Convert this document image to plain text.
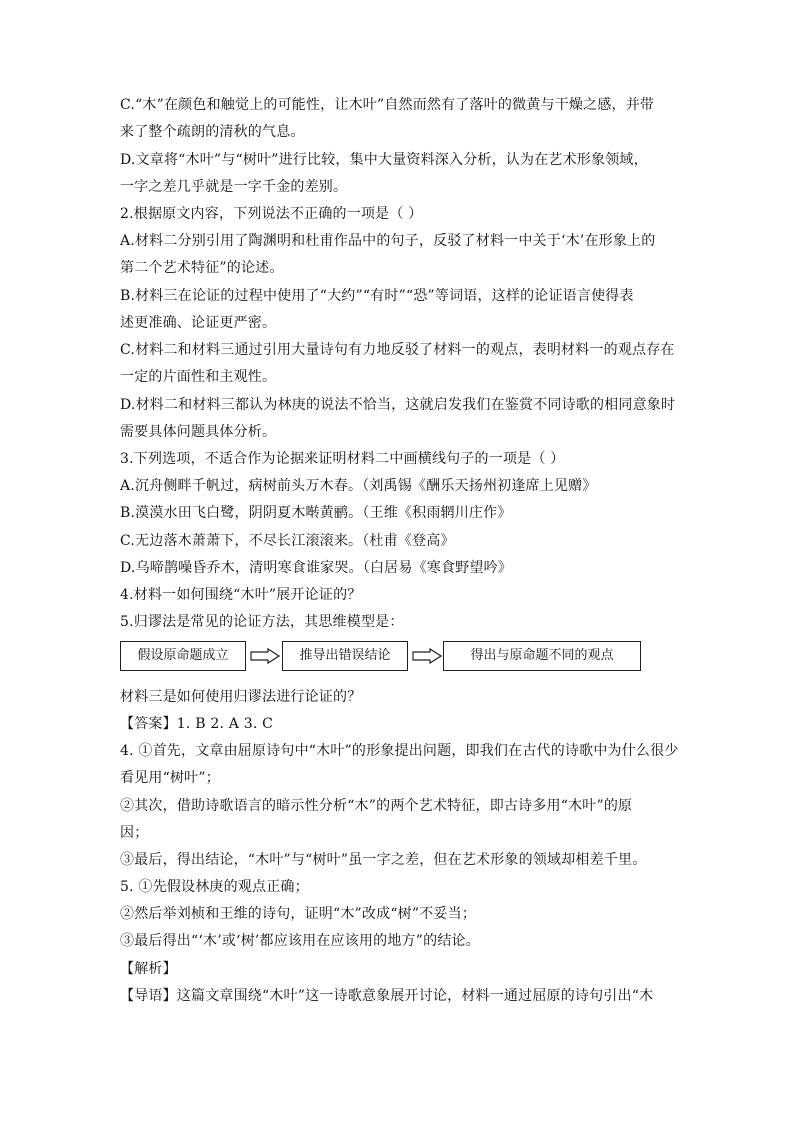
C.“木”在颜色和触觉上的可能性，让木叶”自然而然有了落叶的微黄与干燥之感，并带
来了整个疏朗的清秋的气息。
D.文章将“木叶”与“树叶”进行比较，集中大量资料深入分析，认为在艺术形象领域，
一字之差几乎就是一字千金的差别。
2.根据原文内容，下列说法不正确的一项是（ ）
A.材料二分别引用了陶渊明和杜甫作品中的句子，反驳了材料一中关于‘木’在形象上的
第二个艺术特征”的论述。
B.材料三在论证的过程中使用了“大约”“有时”“恐”等词语，这样的论证语言使得表
述更准确、论证更严密。
C.材料二和材料三通过引用大量诗句有力地反驳了材料一的观点，表明材料一的观点存在
一定的片面性和主观性。
D.材料二和材料三都认为林庚的说法不恰当，这就启发我们在鉴赏不同诗歌的相同意象时
需要具体问题具体分析。
3.下列选项，不适合作为论据来证明材料二中画横线句子的一项是（ ）
A.沉舟侧畔千帆过，病树前头万木春。（刘禹锡《酬乐天扬州初逢席上见赠》
B.漠漠水田飞白鹭，阴阴夏木啭黄鹂。（王维《积雨辋川庄作》
C.无边落木萧萧下，不尽长江滚滚来。（杜甫《登高》
D.乌啼鹊噪昏乔木，清明寒食谁家哭。（白居易《寒食野望吟》
4.材料一如何围绕“木叶”展开论证的？
5.归谬法是常见的论证方法，其思维模型是：
假设原命题成立	推导出错误结论	得出与原命题不同的观点
材料三是如何使用归谬法进行论证的？
【答案】1. B 2. A 3. C
4. ①首先，文章由屈原诗句中“木叶”的形象提出问题，即我们在古代的诗歌中为什么很少
看见用“树叶”；
②其次，借助诗歌语言的暗示性分析“木”的两个艺术特征，即古诗多用“木叶”的原
因；
③最后，得出结论，“木叶”与“树叶”虽一字之差，但在艺术形象的领域却相差千里。
5. ①先假设林庚的观点正确；
②然后举刘桢和王维的诗句，证明“木”改成“树”不妥当；
③最后得出“‘木’或‘树’都应该用在应该用的地方”的结论。
【解析】
【导语】这篇文章围绕“木叶”这一诗歌意象展开讨论，材料一通过屈原的诗句引出“木
